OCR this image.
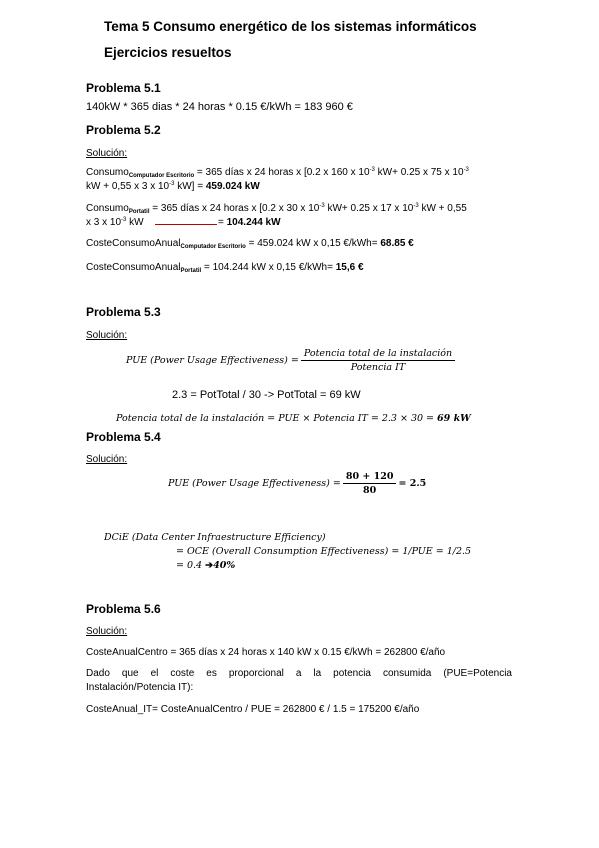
Tema 5 Consumo energético de los sistemas informáticos
Ejercicios resueltos
Problema 5.1
140kW * 365 dias * 24 horas * 0.15 €/kWh = 183 960 €
Problema 5.2
Solución:
Consumo$_{Computador Escritorio}$ = 365 días x 24 horas x [0.2 x 160 x $10^{-3}$ kW+ 0.25 x 75 x $10^{-3}$
kW + 0,55 x 3 x $10^{-3}$ kW] = 459.024 kW
Consumo$_{Portatil}$ = 365 días x 24 horas x [0.2 x 30 x $10^{-3}$ kW+ 0.25 x 17 x $10^{-3}$ kW + 0,55
x 3 x $10^{-3}$ kW	= 104.244 kW
CosteConsumoAnual$_{Computador Escritorio}$ = 459.024 kW x 0,15 €/kWh= 68.85 €
CosteConsumoAnual$_{Portatil}$ = 104.244 kW x 0,15 €/kWh= 15,6 €
Problema 5.3
Solución:
PUE (Power Usage Effectiveness) = $\frac{\text{Potencia total de la instalación}}{\text{Potencia IT}}$
2.3 = PotTotal / 30 -> PotTotal = 69 kW
Potencia total de la instalación = PUE × Potencia IT = 2.3 × 30 = 69 kW
Problema 5.4
Solución:
PUE (Power Usage Effectiveness) = $\frac{80 + 120}{80} = 2.5$
DCiE (Data Center Infraestructure Efficiency)
= OCE (Overall Consumption Effectiveness) = 1/PUE = 1/2.5
= 0.4 ➔40%
Problema 5.6
Solución:
CosteAnualCentro = 365 días x 24 horas x 140 kW x 0.15 €/kWh = 262800 €/año
Dado que el coste es proporcional a la potencia consumida (PUE=Potencia
Instalación/Potencia IT):
CosteAnual_IT= CosteAnualCentro / PUE = 262800 € / 1.5 = 175200 €/año
